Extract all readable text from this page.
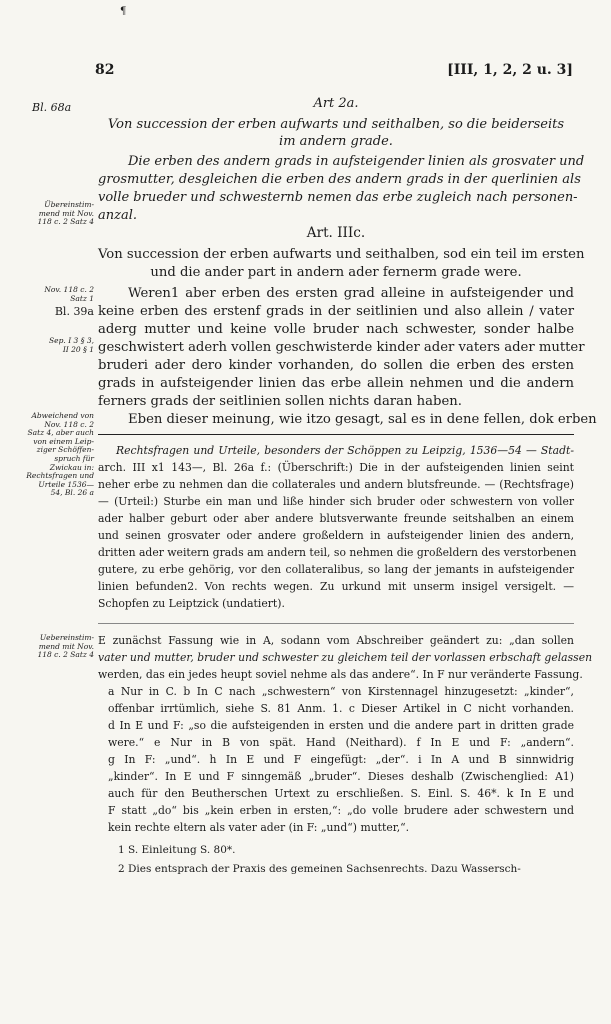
¶
82	[III, 1, 2, 2 u. 3]
Bl. 68a
Übereinstim-
mend mit Nov.
118 c. 2 Satz 4
Nov. 118 c. 2
Satz 1
Bl. 39a
Sep. I 3 § 3,
II 20 § 1
Abweichend von
Nov. 118 c. 2
Satz 4, aber auch
von einem Leip-
ziger Schöffen-
spruch für
Zwickau in:
Rechtsfragen und
Urteile 1536—
54, Bl. 26 a
Uebereinstim-
mend mit Nov.
118 c. 2 Satz 4
Art 2a.
Von succession der erben aufwarts und seithalben, so die beiderseits
im andern grade.
Die erben des andern grads in aufsteigender linien als grosvater und
grosmutter, desgleichen die erben des andern grads in der querlinien als
volle brueder und schwesternb nemen das erbe zugleich nach personen-
anzal.
Art. IIIc.
Von succession der erben aufwarts und seithalben, sod ein teil im ersten
und die ander part in andern ader fernerm grade were.
Weren1 aber erben des ersten grad alleine in aufsteigender und
keine erben des erstenf grads in der seitlinien und also allein / vater
aderg mutter und keine volle bruder nach schwester, sonder halbe
geschwistert aderh vollen geschwisterde kinder ader vaters ader mutter
bruderi ader dero kinder vorhanden, do sollen die erben des ersten
grads in aufsteigender linien das erbe allein nehmen und die andern
ferners grads der seitlinien sollen nichts daran haben.
Eben dieser meinung, wie itzo gesagt, sal es in dene fellen, dok erben
Rechtsfragen und Urteile, besonders der Schöppen zu Leipzig, 1536—54 — Stadt-
arch. III x1 143—, Bl. 26a f.: (Überschrift:) Die in der aufsteigenden linien seint
neher erbe zu nehmen dan die collaterales und andern blutsfreunde. — (Rechtsfrage)
— (Urteil:) Sturbe ein man und liße hinder sich bruder oder schwestern von voller
ader halber geburt oder aber andere blutsverwante freunde seitshalben an einem
und seinen grosvater oder andere großeldern in aufsteigender linien des andern,
dritten ader weitern grads am andern teil, so nehmen die großeldern des verstorbenen
gutere, zu erbe gehörig, vor den collateralibus, so lang der jemants in aufsteigender
linien befunden2. Von rechts wegen. Zu urkund mit unserm insigel versigelt. —
Schopfen zu Leiptzick (undatiert).
E zunächst Fassung wie in A, sodann vom Abschreiber geändert zu: „dan sollen
vater und mutter, bruder und schwester zu gleichem teil der vorlassen erbschaft gelassen
werden, das ein jedes heupt soviel nehme als das andere“. In F nur veränderte Fassung.
a Nur in C. b In C nach „schwestern“ von Kirstennagel hinzugesetzt: „kinder“,
offenbar irrtümlich, siehe S. 81 Anm. 1. c Dieser Artikel in C nicht vorhanden.
d In E und F: „so die aufsteigenden in ersten und die andere part in dritten grade
were.“ e Nur in B von spät. Hand (Neithard). f In E und F: „andern“.
g In F: „und“. h In E und F eingefügt: „der“. i In A und B sinnwidrig
„kinder“. In E und F sinngemäß „bruder“. Dieses deshalb (Zwischenglied: A1)
auch für den Beutherschen Urtext zu erschließen. S. Einl. S. 46*. k In E und
F statt „do“ bis „kein erben in ersten,“: „do volle brudere ader schwestern und
kein rechte eltern als vater ader (in F: „und“) mutter,“.
1 S. Einleitung S. 80*.
2 Dies entsprach der Praxis des gemeinen Sachsenrechts. Dazu Wassersch-
